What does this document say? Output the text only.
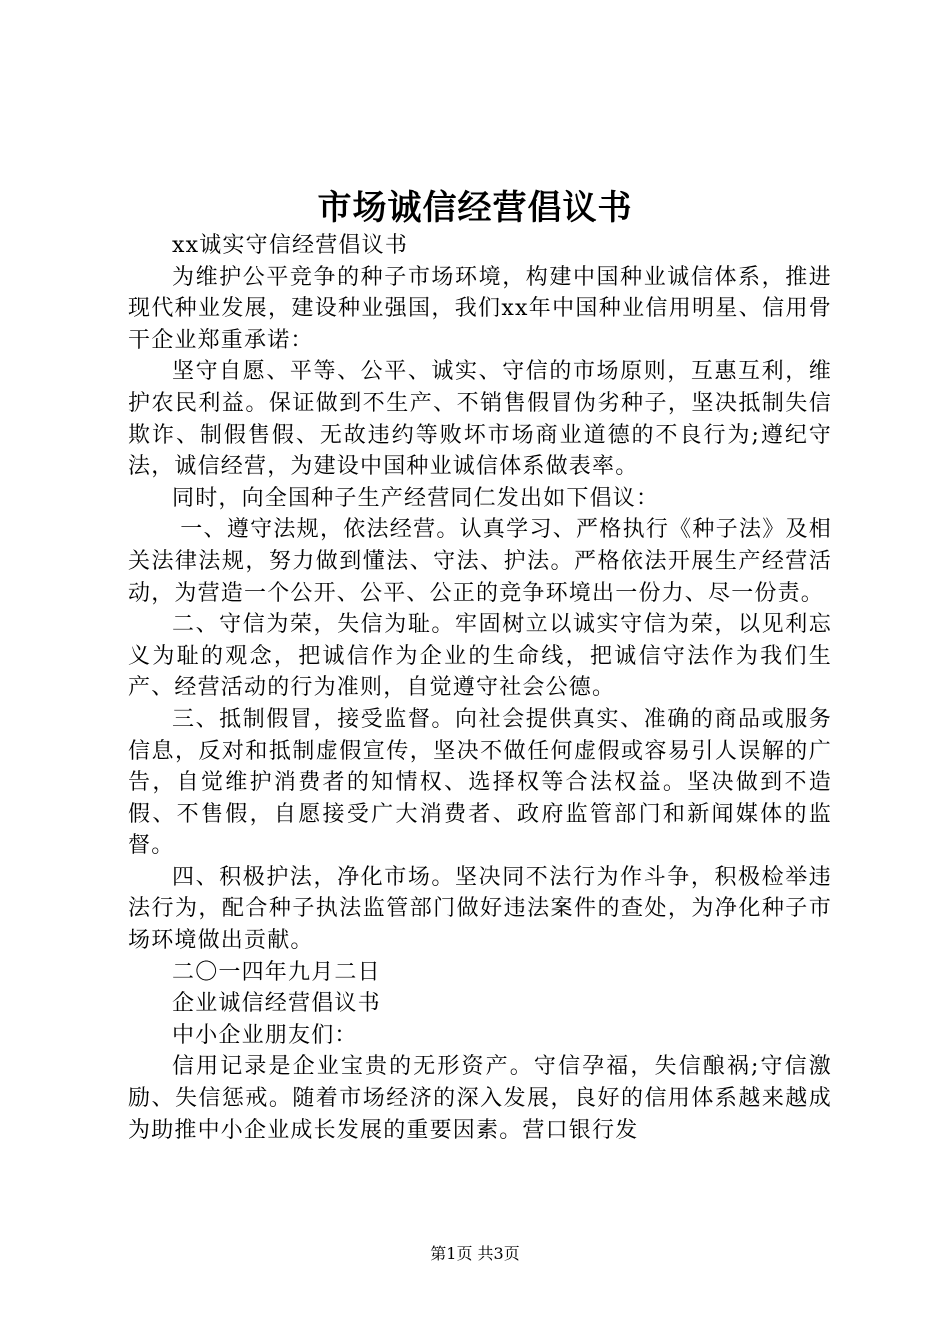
市场诚信经营倡议书

xx诚实守信经营倡议书

为维护公平竞争的种子市场环境，构建中国种业诚信体系，推进现代种业发展，建设种业强国，我们xx年中国种业信用明星、信用骨干企业郑重承诺：

坚守自愿、平等、公平、诚实、守信的市场原则，互惠互利，维护农民利益。保证做到不生产、不销售假冒伪劣种子，坚决抵制失信欺诈、制假售假、无故违约等败坏市场商业道德的不良行为;遵纪守法，诚信经营，为建设中国种业诚信体系做表率。

同时，向全国种子生产经营同仁发出如下倡议：

一、遵守法规，依法经营。认真学习、严格执行《种子法》及相关法律法规，努力做到懂法、守法、护法。严格依法开展生产经营活动，为营造一个公开、公平、公正的竞争环境出一份力、尽一份责。

二、守信为荣，失信为耻。牢固树立以诚实守信为荣，以见利忘义为耻的观念，把诚信作为企业的生命线，把诚信守法作为我们生产、经营活动的行为准则，自觉遵守社会公德。

三、抵制假冒，接受监督。向社会提供真实、准确的商品或服务信息，反对和抵制虚假宣传，坚决不做任何虚假或容易引人误解的广告，自觉维护消费者的知情权、选择权等合法权益。坚决做到不造假、不售假，自愿接受广大消费者、政府监管部门和新闻媒体的监督。

四、积极护法，净化市场。坚决同不法行为作斗争，积极检举违法行为，配合种子执法监管部门做好违法案件的查处，为净化种子市场环境做出贡献。

二〇一四年九月二日

企业诚信经营倡议书

中小企业朋友们：

信用记录是企业宝贵的无形资产。守信孕福，失信酿祸;守信激励、失信惩戒。随着市场经济的深入发展，良好的信用体系越来越成为助推中小企业成长发展的重要因素。营口银行发

第1页 共3页
